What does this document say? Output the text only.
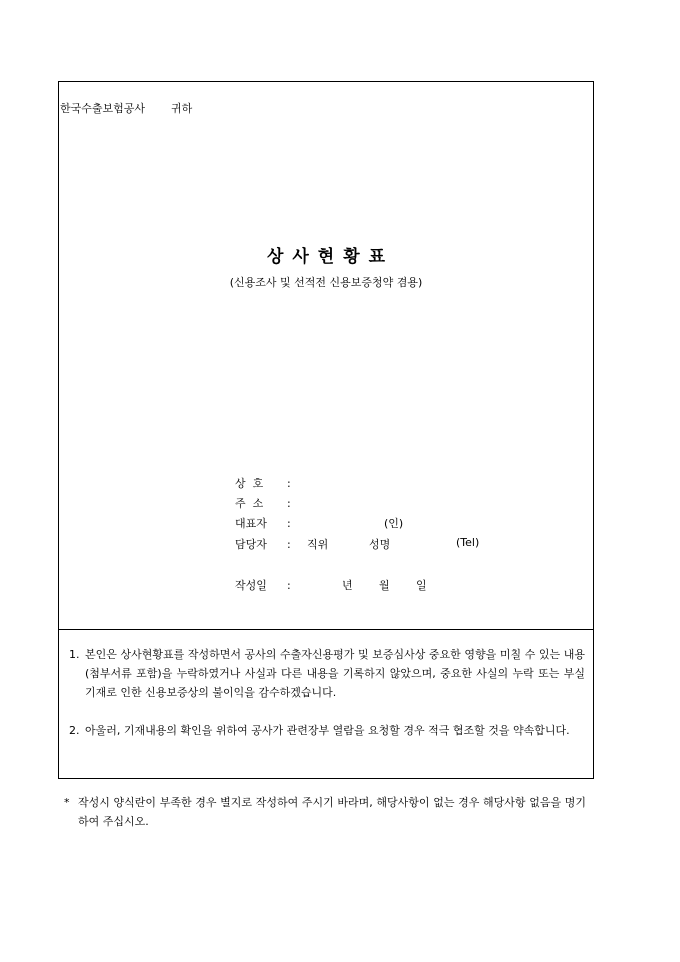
한국수출보험공사 귀하
상사현황표
(신용조사 및 선적전 신용보증청약 겸용)
상  호 :
주  소 :
대표자 :	(인)
담당자 : 직위	성명	(Tel)
작성일 :	년 월 일
1. 본인은 상사현황표를 작성하면서 공사의 수출자신용평가 및 보증심사상 중요한 영향을 미칠 수 있는 내용(첨부서류 포함)을 누락하였거나 사실과 다른 내용을 기록하지 않았으며, 중요한 사실의 누락 또는 부실기재로 인한 신용보증상의 불이익을 감수하겠습니다.
2. 아울러, 기재내용의 확인을 위하여 공사가 관련장부 열람을 요청할 경우 적극 협조할 것을 약속합니다.
* 작성시 양식란이 부족한 경우 별지로 작성하여 주시기 바라며, 해당사항이 없는 경우 해당사항 없음을 명기하여 주십시오.
